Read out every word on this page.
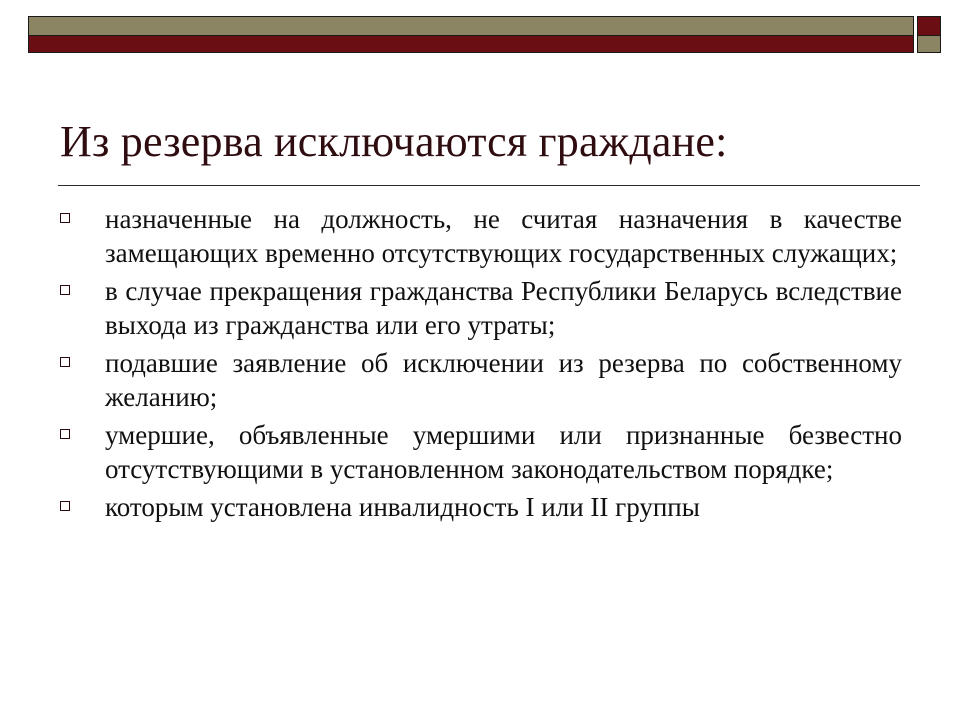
Из резерва исключаются граждане:
назначенные на должность, не считая назначения в качестве замещающих временно отсутствующих государственных служащих;
в случае прекращения гражданства Республики Беларусь вследствие выхода из гражданства или его утраты;
подавшие заявление об исключении из резерва по собственному желанию;
умершие, объявленные умершими или признанные безвестно отсутствующими в установленном законодательством порядке;
которым установлена инвалидность I или II группы
